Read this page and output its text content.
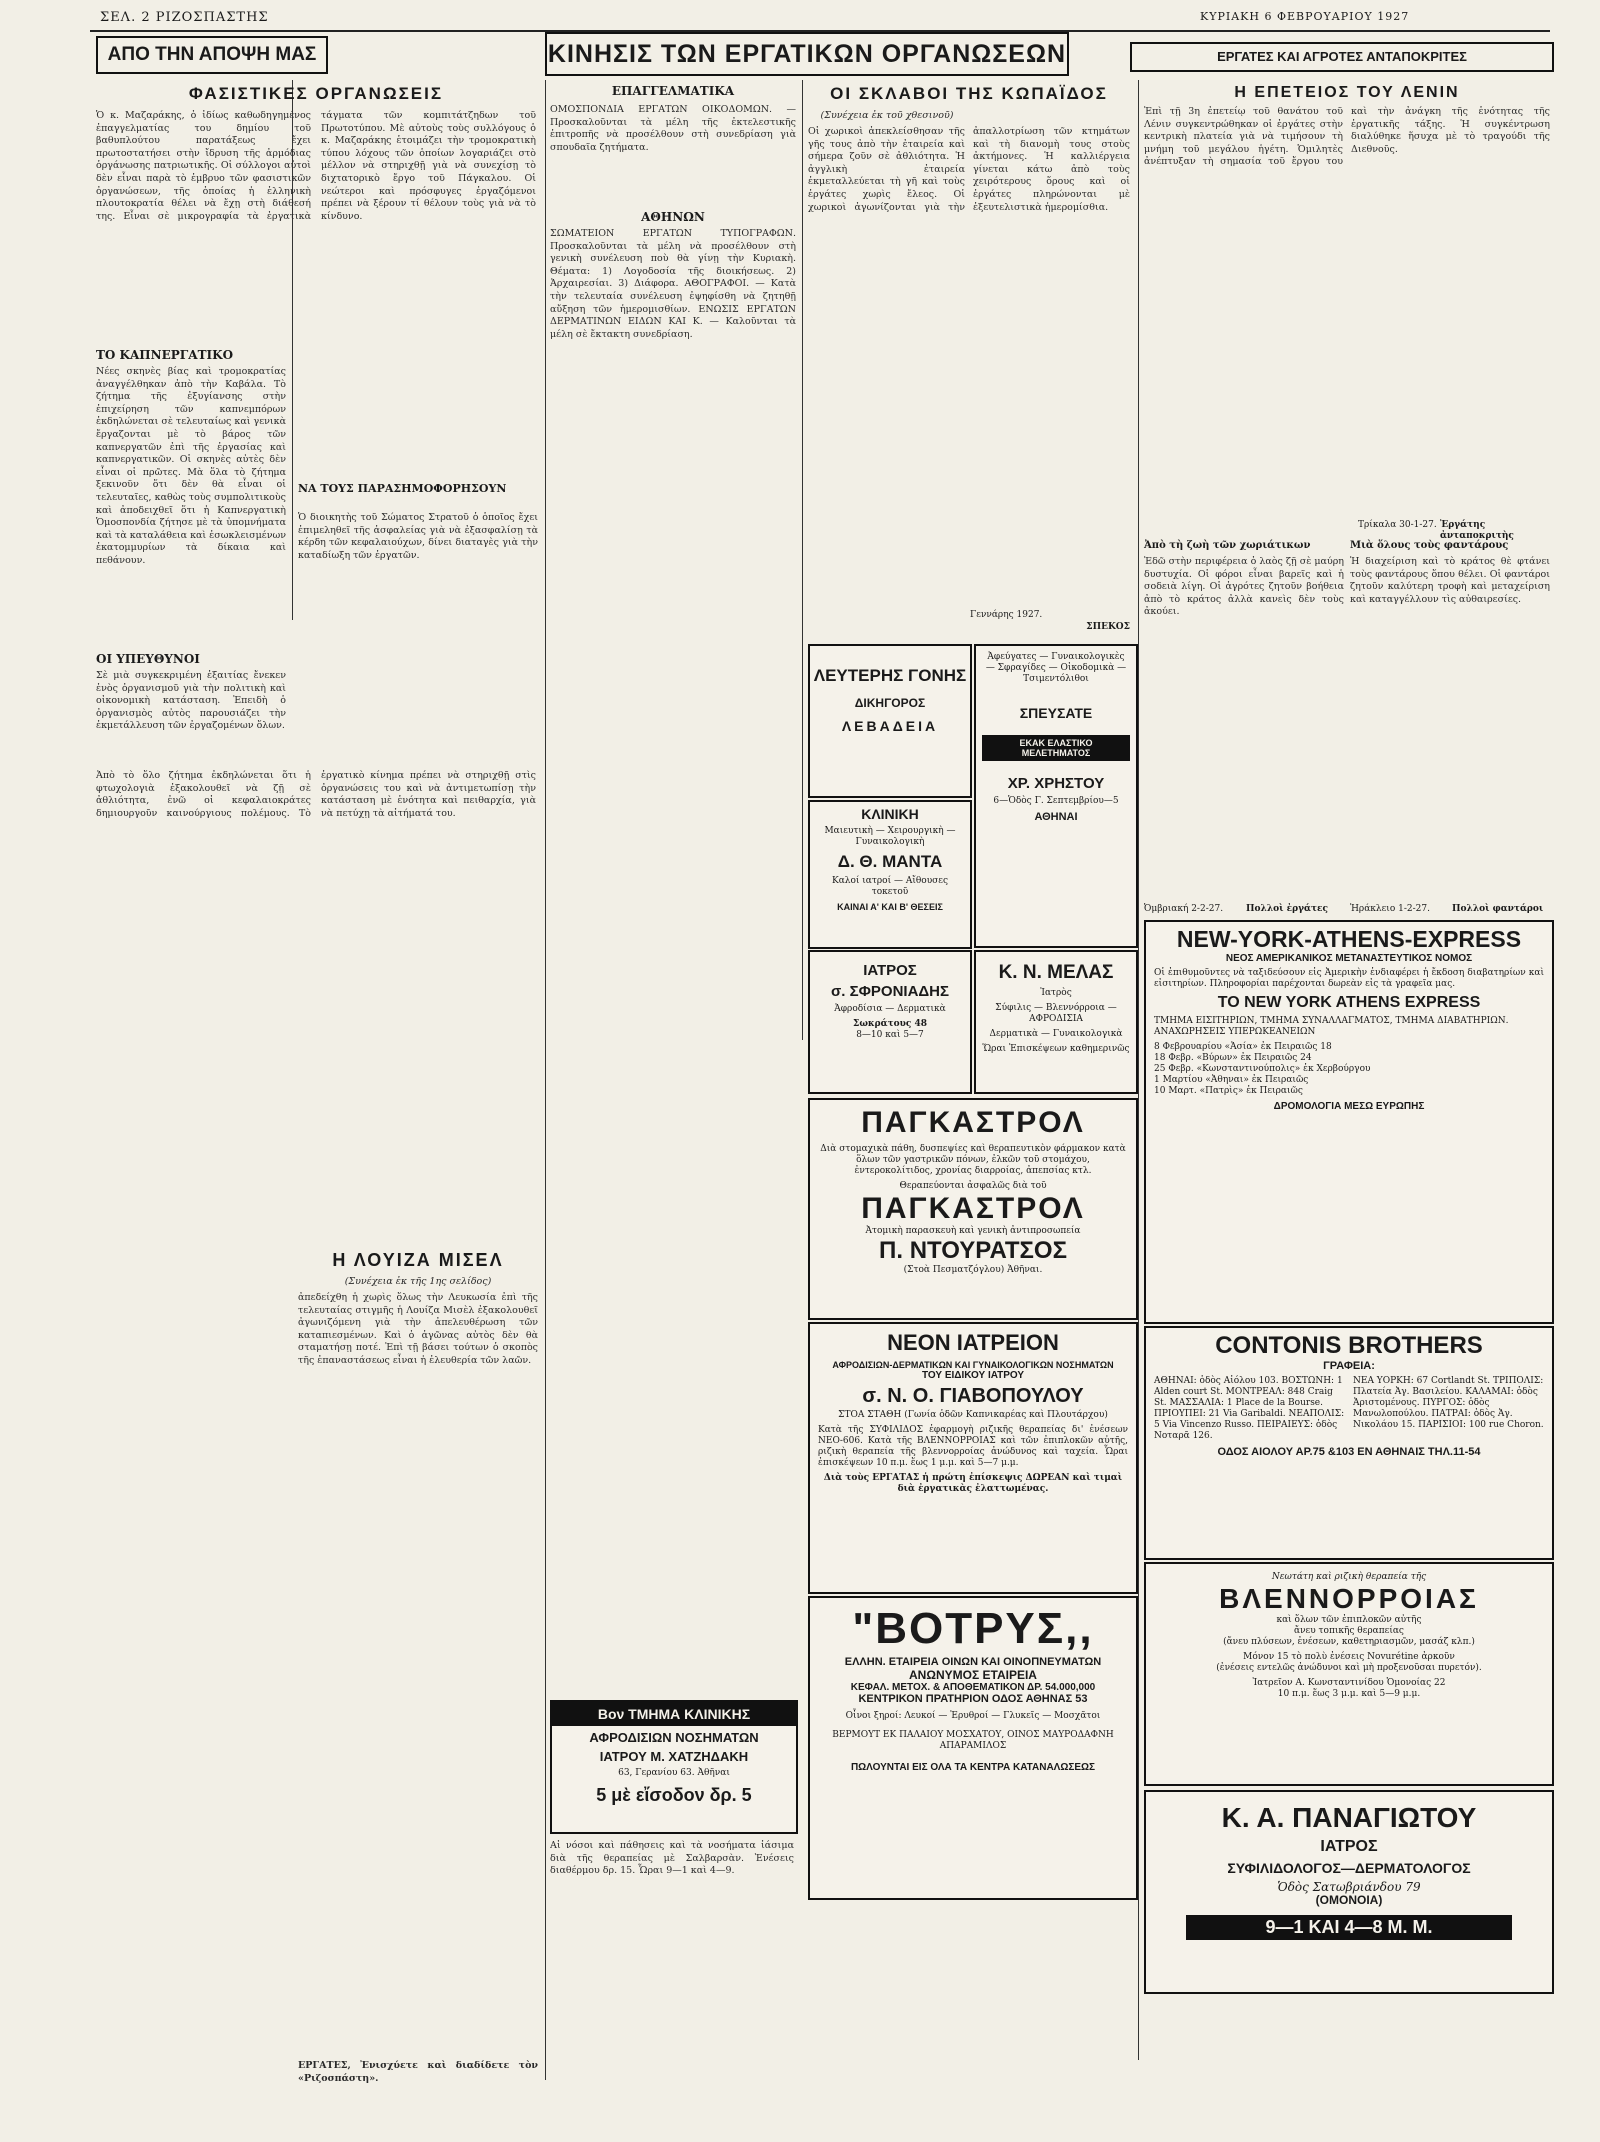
ΣΕΛ. 2 ΡΙΖΟΣΠΑΣΤΗΣ	ΚΥΡΙΑΚΗ 6 ΦΕΒΡΟΥΑΡΙΟΥ 1927
ΑΠΟ ΤΗΝ ΑΠΟΨΗ ΜΑΣ	ΚΙΝΗΣΙΣ ΤΩΝ ΕΡΓΑΤΙΚΩΝ ΟΡΓΑΝΩΣΕΩΝ	ΕΡΓΑΤΕΣ ΚΑΙ ΑΓΡΟΤΕΣ ΑΝΤΑΠΟΚΡΙΤΕΣ
ΦΑΣΙΣΤΙΚΕΣ ΟΡΓΑΝΩΣΕΙΣ
Ὁ κ. Μαζαράκης, ὁ ἰδίως καθωδηγημένος ἐπαγγελματίας του δημίου τοῦ βαθυπλούτου παρατάξεως ἔχει πρωτοστατήσει στὴν ἴδρυση τῆς ἀρμόδιας ὁργάνωσης πατριωτικῆς. Οἱ σύλλογοι αὐτοὶ δὲν εἶναι παρὰ τὸ ἐμβρυο τῶν φασιστικῶν ὀργανώσεων, τῆς ὁποίας ἡ ἑλληνικὴ πλουτοκρατία θέλει νὰ ἔχῃ στὴ διάθεσή της. Εἶναι σὲ μικρογραφία τὰ ἐργατικὰ τάγματα τῶν κομπιτάτζηδων τοῦ Πρωτοτύπου. Μὲ αὐτοὺς τοὺς συλλόγους ὁ κ. Μαζαράκης ἑτοιμάζει τὴν τρομοκρατικὴ τύπου λόχους τῶν ὁποίων λογαριάζει στὸ μέλλον νὰ στηριχθῇ γιὰ νὰ συνεχίσῃ τὸ διχτατορικὸ ἔργο τοῦ Πάγκαλου. Οἱ νεώτεροι καὶ πρόσφυγες ἐργαζόμενοι πρέπει νὰ ξέρουν τί θέλουν τοὺς γιὰ νὰ τὸ κίνδυνο.
ΤΟ ΚΑΠΝΕΡΓΑΤΙΚΟ
Νέες σκηνὲς βίας καὶ τρομοκρατίας ἀναγγέλθηκαν ἀπὸ τὴν Καβάλα. Τὸ ζήτημα τῆς ἐξυγίανσης στὴν ἐπιχείρηση τῶν καπνεμπόρων ἐκδηλώνεται σὲ τελευταίως καὶ γενικὰ ἔργαζονται μὲ τὸ βάρος τῶν καπνεργατῶν ἐπὶ τῆς ἐργασίας καὶ καπνεργατικῶν. Οἱ σκηνὲς αὐτὲς δὲν εἶναι οἱ πρῶτες. Μὰ ὅλα τὸ ζήτημα ξεκινοῦν ὅτι δὲν θὰ εἶναι οἱ τελευταῖες, καθὼς τοὺς συμπολιτικοὺς καὶ ἀποδειχθεῖ ὅτι ἡ Καπνεργατικὴ Ὁμοσπονδία ζήτησε μὲ τὰ ὑπομνήματα καὶ τὰ καταλάθεια καὶ ἐσωκλεισμένων ἐκατομμυρίων τὰ δίκαια καὶ πεθάνουν.
ΟΙ ΥΠΕΥΘΥΝΟΙ
Σὲ μιὰ συγκεκριμένη ἐξαιτίας ἔνεκεν ἑνὸς ὀργανισμοῦ γιὰ τὴν πολιτικὴ καὶ οἰκονομικὴ κατάσταση. Ἐπειδὴ ὁ ὀργανισμὸς αὐτὸς παρουσιάζει τὴν ἐκμετάλλευση τῶν ἐργαζομένων ὅλων.
ΝΑ ΤΟΥΣ ΠΑΡΑΣΗΜΟΦΟΡΗΣΟΥΝ
Ὁ διοικητὴς τοῦ Σώματος Στρατοῦ ὁ ὁποῖος ἔχει ἐπιμεληθεῖ τῆς ἀσφαλείας γιὰ νὰ ἐξασφαλίσῃ τὰ κέρδη τῶν κεφαλαιούχων, δίνει διαταγὲς γιὰ τὴν καταδίωξη τῶν ἐργατῶν.
Ἀπὸ τὸ ὅλο ζήτημα ἐκδηλώνεται ὅτι ἡ φτωχολογιὰ ἐξακολουθεῖ νὰ ζῇ σὲ ἀθλιότητα, ἐνῶ οἱ κεφαλαιοκράτες δημιουργοῦν καινούργιους πολέμους. Τὸ ἐργατικὸ κίνημα πρέπει νὰ στηριχθῇ στὶς ὀργανώσεις του καὶ νὰ ἀντιμετωπίσῃ τὴν κατάσταση μὲ ἑνότητα καὶ πειθαρχία, γιὰ νὰ πετύχῃ τὰ αἰτήματά του.
Η ΛΟΥΙΖΑ ΜΙΣΕΛ
(Συνέχεια ἐκ τῆς 1ης σελίδος)
ἀπεδείχθη ἡ χωρὶς ὅλως τὴν Λευκωσία ἐπὶ τῆς τελευταίας στιγμῆς ἡ Λουίζα Μισὲλ ἐξακολουθεῖ ἀγωνιζόμενη γιὰ τὴν ἀπελευθέρωση τῶν καταπιεσμένων. Καὶ ὁ ἀγῶνας αὐτὸς δὲν θὰ σταματήσῃ ποτέ. Ἐπὶ τῇ βάσει τούτων ὁ σκοπὸς τῆς ἐπαναστάσεως εἶναι ἡ ἐλευθερία τῶν λαῶν.
ΕΡΓΑΤΕΣ, Ἐνισχύετε καὶ διαδίδετε τὸν «Ριζοσπάστη».
ΕΠΑΓΓΕΛΜΑΤΙΚΑ
ΟΜΟΣΠΟΝΔΙΑ ΕΡΓΑΤΩΝ ΟΙΚΟΔΟΜΩΝ. — Προσκαλοῦνται τὰ μέλη τῆς ἐκτελεστικῆς ἐπιτροπῆς νὰ προσέλθουν στὴ συνεδρίαση γιὰ σπουδαῖα ζητήματα.
ΑΘΗΝΩΝ
ΣΩΜΑΤΕΙΟΝ ΕΡΓΑΤΩΝ ΤΥΠΟΓΡΑΦΩΝ. Προσκαλοῦνται τὰ μέλη νὰ προσέλθουν στὴ γενικὴ συνέλευση ποὺ θὰ γίνῃ τὴν Κυριακὴ. Θέματα: 1) Λογοδοσία τῆς διοικήσεως. 2) Ἀρχαιρεσίαι. 3) Διάφορα. ΑΘΟΓΡΑΦΟΙ. — Κατὰ τὴν τελευταία συνέλευση ἐψηφίσθη νὰ ζητηθῇ αὔξηση τῶν ἡμερομισθίων. ΕΝΩΣΙΣ ΕΡΓΑΤΩΝ ΔΕΡΜΑΤΙΝΩΝ ΕΙΔΩΝ ΚΑΙ Κ. — Καλοῦνται τὰ μέλη σὲ ἔκτακτη συνεδρίαση.
Bον ΤΜΗΜΑ ΚΛΙΝΙΚΗΣ
ΑΦΡΟΔΙΣΙΩΝ ΝΟΣΗΜΑΤΩΝ
ΙΑΤΡΟΥ Μ. ΧΑΤΖΗΔΑΚΗ
63, Γερανίου 63. Ἀθῆναι
5 μὲ εἴσοδον δρ. 5
Αἱ νόσοι καὶ πάθησεις καὶ τὰ νοσήματα ἰάσιμα διὰ τῆς θεραπείας μὲ Σαλβαρσὰν. Ἐνέσεις διαθέρμου δρ. 15. Ὧραι 9—1 καὶ 4—9.
ΟΙ ΣΚΛΑΒΟΙ ΤΗΣ ΚΩΠΑΪΔΟΣ
(Συνέχεια ἐκ τοῦ χθεσινοῦ)
Οἱ χωρικοὶ ἀπεκλείσθησαν τῆς γῆς τους ἀπὸ τὴν ἐταιρεία καὶ σήμερα ζοῦν σὲ ἀθλιότητα. Ἡ ἀγγλικὴ ἐταιρεία ἐκμεταλλεύεται τὴ γῆ καὶ τοὺς ἐργάτες χωρὶς ἔλεος. Οἱ χωρικοὶ ἀγωνίζονται γιὰ τὴν ἀπαλλοτρίωση τῶν κτημάτων καὶ τὴ διανομὴ τους στοὺς ἀκτήμονες. Ἡ καλλιέργεια γίνεται κάτω ἀπὸ τοὺς χειρότερους ὅρους καὶ οἱ ἐργάτες πληρώνονται μὲ ἐξευτελιστικὰ ἡμερομίσθια.
Γεννάρης 1927.
ΣΠΕΚΟΣ
ΛΕΥΤΕΡΗΣ ΓΟΝΗΣ
ΔΙΚΗΓΟΡΟΣ
ΛΕΒΑΔΕΙΑ
Ἀφεύγατες — Γυναικολογικὲς — Σφραγίδες — Οἰκοδομικὰ — Τσιμεντόλιθοι
ΣΠΕΥΣΑΤΕ
ΕΚΑΚ ΕΛΑΣΤΙΚΟ ΜΕΛΕΤΗΜΑΤΟΣ
ΧΡ. ΧΡΗΣΤΟΥ
6—Ὁδὸς Γ. Σεπτεμβρίου—5
ΑΘΗΝΑΙ
ΚΛΙΝΙΚΗ
Μαιευτικὴ — Χειρουργικὴ — Γυναικολογικὴ
Δ. Θ. ΜΑΝΤΑ
Καλοί ιατροί — Αἴθουσες τοκετοῦ
ΚΑΙΝΑΙ Α' ΚΑΙ Β' ΘΕΣΕΙΣ
Κ. Ν. ΜΕΛΑΣ
Ἰατρὸς
Σύφιλις — Βλεννόρροια — ΑΦΡΟΔΙΣΙΑ
Δερματικὰ — Γυναικολογικὰ
Ὥραι Ἐπισκέψεων καθημερινῶς
ΙΑΤΡΟΣ
σ. ΣΦΡΟΝΙΑΔΗΣ
Ἀφροδίσια — Δερματικὰ
Σωκράτους 48
8—10 καὶ 5—7
ΠΑΓΚΑΣΤΡΟΛ
Διὰ στομαχικὰ πάθη, δυσπεψίες καὶ θεραπευτικὸν φάρμακον κατὰ ὅλων τῶν γαστρικῶν πόνων, ἐλκῶν τοῦ στομάχου, ἐντεροκολίτιδος, χρονίας διαρροίας, ἀπεπσίας κτλ.
Θεραπεύονται ἀσφαλῶς διὰ τοῦ
ΠΑΓΚΑΣΤΡΟΛ
Ἀτομικὴ παρασκευὴ καὶ γενικὴ ἀντιπροσωπεία
Π. ΝΤΟΥΡΑΤΣΟΣ
(Στοὰ Πεσματζόγλου) Ἀθῆναι.
ΝΕΟΝ ΙΑΤΡΕΙΟΝ
ΑΦΡΟΔΙΣΙΩΝ-ΔΕΡΜΑΤΙΚΩΝ ΚΑΙ ΓΥΝΑΙΚΟΛΟΓΙΚΩΝ ΝΟΣΗΜΑΤΩΝ
ΤΟΥ ΕΙΔΙΚΟΥ ΙΑΤΡΟΥ
σ. Ν. Ο. ΓΙΑΒΟΠΟΥΛΟΥ
ΣΤΟΑ ΣΤΑΘΗ (Γωνία ὁδῶν Καπνικαρέας καὶ Πλουτάρχου)
Κατὰ τῆς ΣΥΦΙΛΙΔΟΣ ἐφαρμογὴ ριζικῆς θεραπείας δι' ἐνέσεων ΝΕΟ-606. Κατὰ τῆς ΒΛΕΝΝΟΡΡΟΙΑΣ καὶ τῶν ἐπιπλοκῶν αὐτῆς, ριζικὴ θεραπεία τῆς βλεννορροίας ἀνώδυνος καὶ ταχεία. Ὧραι ἐπισκέψεων 10 π.μ. ἕως 1 μ.μ. καὶ 5—7 μ.μ.
Διὰ τοὺς ΕΡΓΑΤΑΣ ἡ πρώτη ἐπίσκεψις ΔΩΡΕΑΝ καὶ τιμαὶ διὰ ἐργατικὰς ἐλαττωμένας.
"ΒΟΤΡΥΣ,,
ΕΛΛΗΝ. ΕΤΑΙΡΕΙΑ ΟΙΝΩΝ ΚΑΙ ΟΙΝΟΠΝΕΥΜΑΤΩΝ
ΑΝΩΝΥΜΟΣ ΕΤΑΙΡΕΙΑ
ΚΕΦΑΛ. ΜΕΤΟΧ. & ΑΠΟΘΕΜΑΤΙΚΟΝ ΔΡ. 54.000,000
ΚΕΝΤΡΙΚΟΝ ΠΡΑΤΗΡΙΟΝ ΟΔΟΣ ΑΘΗΝΑΣ 53
Οἶνοι ξηροί: Λευκοί — Ἐρυθροί — Γλυκεῖς — Μοσχᾶτοι
ΒΕΡΜΟΥΤ ΕΚ ΠΑΛΑΙΟΥ ΜΟΣΧΑΤΟΥ, ΟΙΝΟΣ ΜΑΥΡΟΔΑΦΝΗ ΑΠΑΡΑΜΙΛΟΣ
ΠΩΛΟΥΝΤΑΙ ΕΙΣ ΟΛΑ ΤΑ ΚΕΝΤΡΑ ΚΑΤΑΝΑΛΩΣΕΩΣ
Η ΕΠΕΤΕΙΟΣ ΤΟΥ ΛΕΝΙΝ
Ἐπὶ τῇ 3η ἐπετείῳ τοῦ θανάτου τοῦ Λένιν συγκεντρώθηκαν οἱ ἐργάτες στὴν κεντρικὴ πλατεία γιὰ νὰ τιμήσουν τὴ μνήμη τοῦ μεγάλου ἡγέτη. Ὁμιλητὲς ἀνέπτυξαν τὴ σημασία τοῦ ἔργου του καὶ τὴν ἀνάγκη τῆς ἑνότητας τῆς ἐργατικῆς τάξης. Ἡ συγκέντρωση διαλύθηκε ἥσυχα μὲ τὸ τραγούδι τῆς Διεθνοῦς.
Τρίκαλα 30-1-27. Ἐργάτης ἀνταποκριτὴς
Ἀπὸ τὴ ζωὴ τῶν χωριάτικων
Ἐδῶ στὴν περιφέρεια ὁ λαὸς ζῇ σὲ μαύρη δυστυχία. Οἱ φόροι εἶναι βαρεῖς καὶ ἡ σοδειὰ λίγη. Οἱ ἀγρότες ζητοῦν βοήθεια ἀπὸ τὸ κράτος ἀλλὰ κανεὶς δὲν τοὺς ἀκούει.
Ὀμβριακή 2-2-27.	Πολλοὶ ἐργάτες
Μιὰ ὅλους τοὺς φαντάρους
Ἡ διαχείριση καὶ τὸ κράτος θὲ φτάνει τοὺς φαντάρους ὅπου θέλει. Οἱ φαντάροι ζητοῦν καλύτερη τροφὴ καὶ μεταχείριση καὶ καταγγέλλουν τὶς αὐθαιρεσίες.
Ἡράκλειο 1-2-27.	Πολλοὶ φαντάροι
NEW-YORK-ATHENS-EXPRESS
ΝΕΟΣ ΑΜΕΡΙΚΑΝΙΚΟΣ ΜΕΤΑΝΑΣΤΕΥΤΙΚΟΣ ΝΟΜΟΣ
Οἱ ἐπιθυμοῦντες νὰ ταξιδεύσουν εἰς Ἀμερικὴν ἐνδιαφέρει ἡ ἔκδοση διαβατηρίων καὶ εἰσιτηρίων. Πληροφορίαι παρέχονται δωρεὰν εἰς τὰ γραφεῖα μας.
TO NEW YORK ATHENS EXPRESS
ΤΜΗΜΑ ΕΙΣΙΤΗΡΙΩΝ, ΤΜΗΜΑ ΣΥΝΑΛΛΑΓΜΑΤΟΣ, ΤΜΗΜΑ ΔΙΑΒΑΤΗΡΙΩΝ. ΑΝΑΧΩΡΗΣΕΙΣ ΥΠΕΡΩΚΕΑΝΕΙΩΝ
8 Φεβρουαρίου «Ἀσία» ἐκ Πειραιῶς 18
18 Φεβρ. «Βύρων» ἐκ Πειραιῶς 24
25 Φεβρ. «Κωνσταντινούπολις» ἐκ Χερβούργου
1 Μαρτίου «Ἀθηναι» ἐκ Πειραιῶς
10 Μαρτ. «Πατρὶς» ἐκ Πειραιῶς
ΔΡΟΜΟΛΟΓΙΑ ΜΕΣΩ ΕΥΡΩΠΗΣ
CONTONIS BROTHERS
ΓΡΑΦΕΙΑ:
ΑΘΗΝΑΙ: ὁδὸς Αἰόλου 103. ΒΟΣΤΩΝΗ: 1 Alden court St. ΜΟΝΤΡΕΑΛ: 848 Craig St. ΜΑΣΣΑΛΙΑ: 1 Place de la Bourse. ΠΡΙΟΥΠΕΙ: 21 Via Garibaldi. ΝΕΑΠΟΛΙΣ: 5 Via Vincenzo Russo. ΠΕΙΡΑΙΕΥΣ: ὁδὸς Νοταρᾶ 126.
ΝΕΑ ΥΟΡΚΗ: 67 Cortlandt St. ΤΡΙΠΟΛΙΣ: Πλατεία Ἀγ. Βασιλείου. ΚΑΛΑΜΑΙ: ὁδὸς Ἀριστομένους. ΠΥΡΓΟΣ: ὁδὸς Μανωλοπούλου. ΠΑΤΡΑΙ: ὁδὸς Ἀγ. Νικολάου 15. ΠΑΡΙΣΙΟΙ: 100 rue Choron.
ΟΔΟΣ ΑΙΟΛΟΥ ΑΡ.75 &103 ΕΝ ΑΘΗΝΑΙΣ ΤΗΛ.11-54
Νεωτάτη καὶ ριζικὴ θεραπεία τῆς
ΒΛΕΝΝΟΡΡΟΙΑΣ
καὶ ὅλων τῶν ἐπιπλοκῶν αὐτῆς
ἄνευ τοπικῆς θεραπείας
(ἄνευ πλύσεων, ἐνέσεων, καθετηριασμῶν, μασάζ κλπ.)
Μόνον 15 τὸ πολὺ ἐνέσεις Novurétine ἀρκοῦν
(ἐνέσεις εντελῶς ἀνώδυνοι καὶ μὴ προξενοῦσαι πυρετόν).
Ἰατρεῖον Α. Κωνσταντινίδου Ὁμονοίας 22
10 π.μ. ἕως 3 μ.μ. καὶ 5—9 μ.μ.
Κ. Α. ΠΑΝΑΓΙΩΤΟΥ
ΙΑΤΡΟΣ
ΣΥΦΙΛΙΔΟΛΟΓΟΣ—ΔΕΡΜΑΤΟΛΟΓΟΣ
Ὁδὸς Σατωβριάνδου 79
(ΟΜΟΝΟΙΑ)
9—1 ΚΑΙ 4—8 Μ. Μ.
